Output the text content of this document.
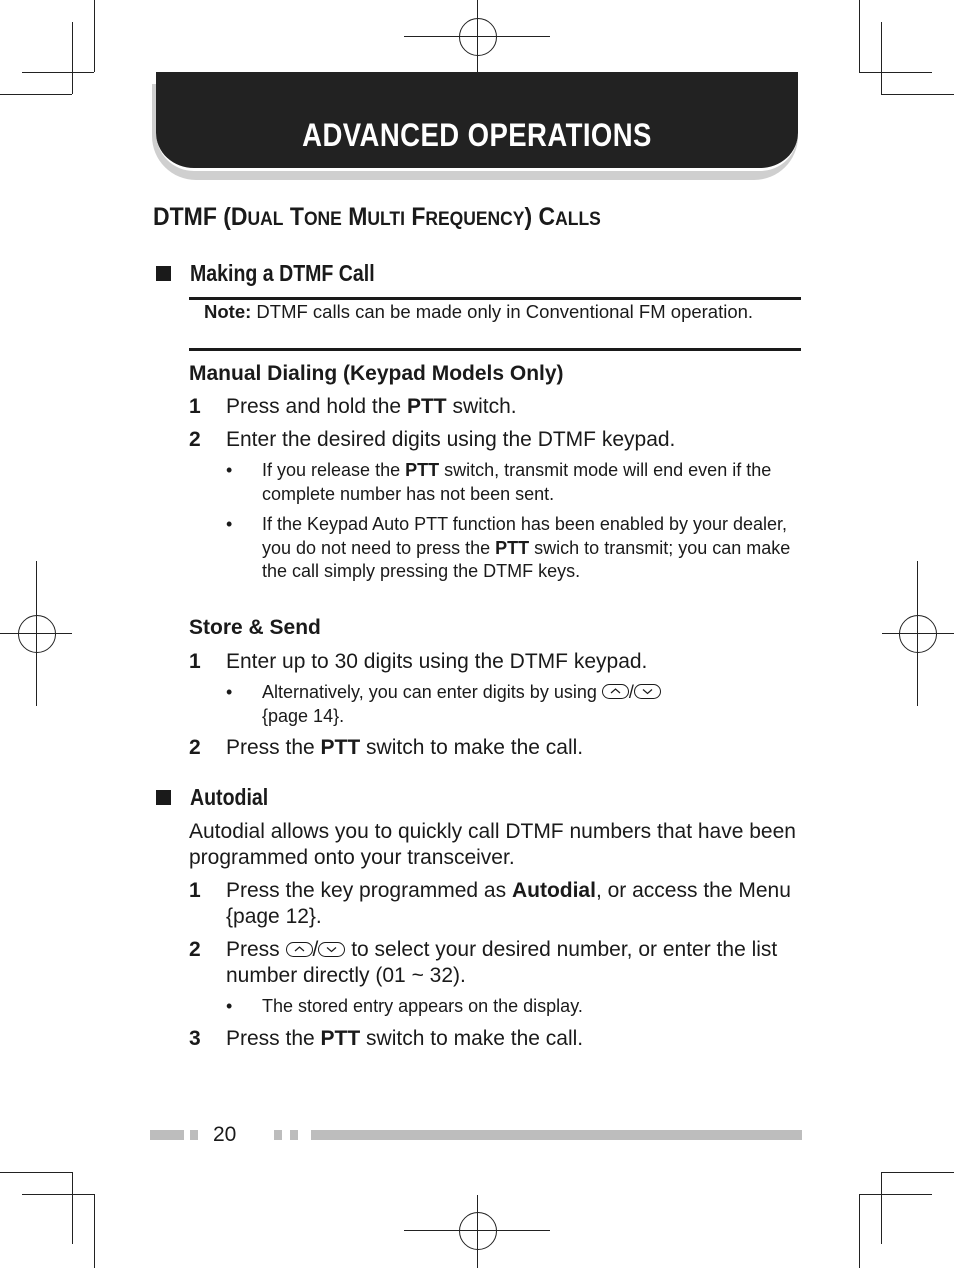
ADVANCED OPERATIONS
DTMF (DUAL TONE MULTI FREQUENCY) CALLS
Making a DTMF Call
Note: DTMF calls can be made only in Conventional FM operation.
Manual Dialing (Keypad Models Only)
1 Press and hold the PTT switch.
2 Enter the desired digits using the DTMF keypad.
• If you release the PTT switch, transmit mode will end even if the complete number has not been sent.
• If the Keypad Auto PTT function has been enabled by your dealer, you do not need to press the PTT swich to transmit; you can make the call simply pressing the DTMF keys.
Store & Send
1 Enter up to 30 digits using the DTMF keypad.
• Alternatively, you can enter digits by using
/

{page 14}.
2 Press the PTT switch to make the call.
Autodial
Autodial allows you to quickly call DTMF numbers that have been programmed onto your transceiver.
1 Press the key programmed as Autodial, or access the Menu {page 12}.
2 Press
/
to select your desired number, or enter the list number directly (01 ~ 32).
• The stored entry appears on the display.
3 Press the PTT switch to make the call.
20
